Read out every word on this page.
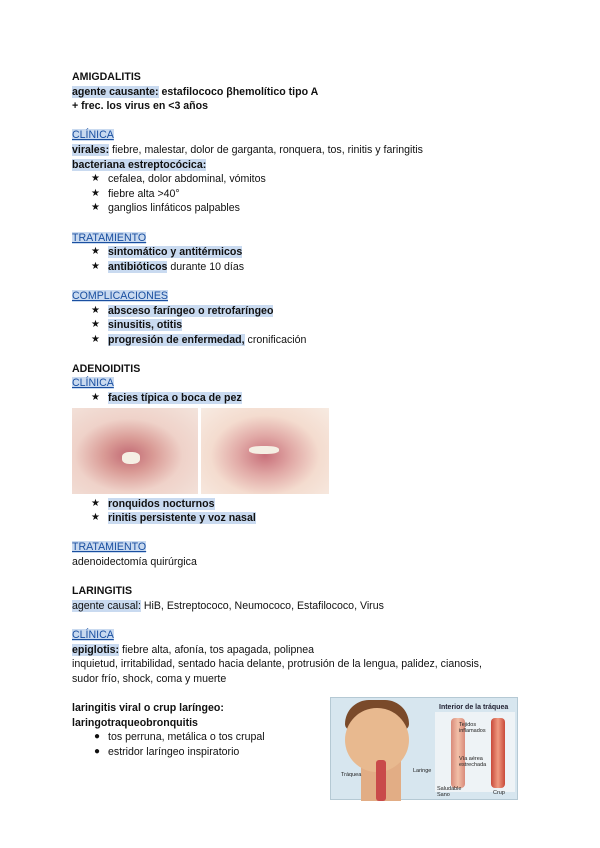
AMIGDALITIS
agente causante: estafilococo βhemolítico tipo A
+ frec. los virus en <3 años
CLÍNICA
virales: fiebre, malestar, dolor de garganta, ronquera, tos, rinitis y faringitis
bacteriana estreptocócica:
★ cefalea, dolor abdominal, vómitos
★ fiebre alta >40°
★ ganglios linfáticos palpables
TRATAMIENTO
★ sintomático y antitérmicos
★ antibióticos durante 10 días
COMPLICACIONES
★ absceso faríngeo o retrofaríngeo
★ sinusitis, otitis
★ progresión de enfermedad, cronificación
ADENOIDITIS
CLÍNICA
★ facies típica o boca de pez
★ ronquidos nocturnos
★ rinitis persistente y voz nasal
TRATAMIENTO
adenoidectomía quirúrgica
LARINGITIS
agente causal: HiB, Estreptococo, Neumococo, Estafilococo, Virus
CLÍNICA
epiglotis: fiebre alta, afonía, tos apagada, polipnea
inquietud, irritabilidad, sentado hacia delante, protrusión de la lengua, palidez, cianosis,
sudor frío, shock, coma y muerte
laringitis viral o crup laríngeo:
laringotraqueobronquitis
● tos perruna, metálica o tos crupal
● estridor laríngeo inspiratorio
Interior de la tráquea
Tráquea
Laringe
Tejidos inflamados
Vía aérea estrechada
Saludable Sano	Crup
